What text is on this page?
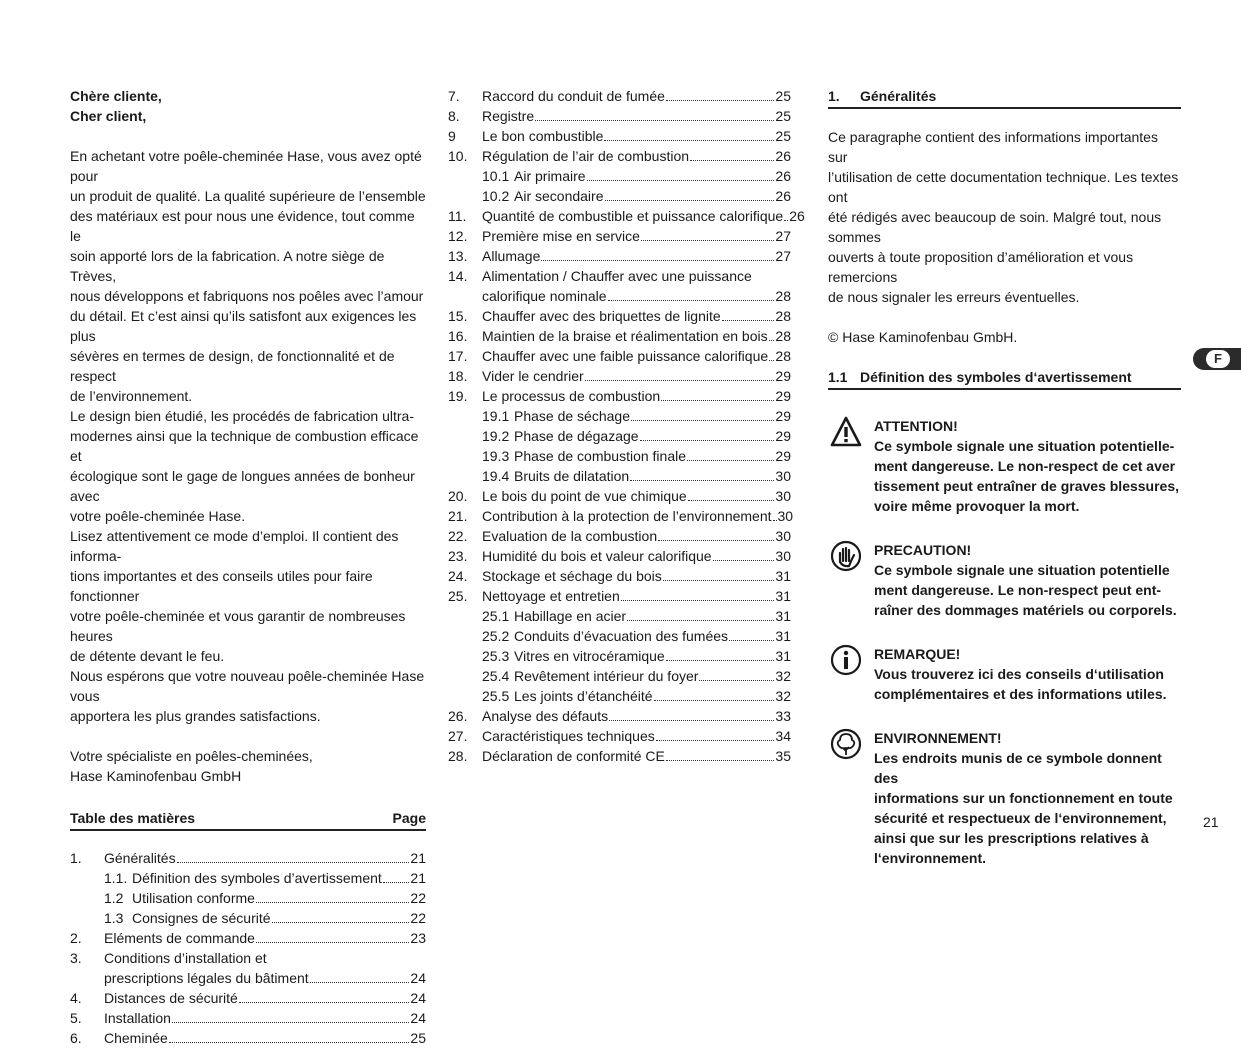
Chère cliente,
Cher client,

En achetant votre poêle-cheminée Hase, vous avez opté pour

un produit de qualité. La qualité supérieure de l’ensemble

des matériaux est pour nous une évidence, tout comme le

soin apporté lors de la fabrication. A notre siège de Trèves,

nous développons et fabriquons nos poêles avec l’amour

du détail. Et c’est ainsi qu’ils satisfont aux exigences les plus

sévères en termes de design, de fonctionnalité et de respect

de l’environnement.

Le design bien étudié, les procédés de fabrication ultra-

modernes ainsi que la technique de combustion efficace et

écologique sont le gage de longues années de bonheur avec

votre poêle-cheminée Hase.

Lisez attentivement ce mode d’emploi. Il contient des informa-

tions importantes et des conseils utiles pour faire fonctionner

votre poêle-cheminée et vous garantir de nombreuses heures

de détente devant le feu.

Nous espérons que votre nouveau poêle-cheminée Hase vous

apportera les plus grandes satisfactions.

Votre spécialiste en poêles-cheminées,

Hase Kaminofenbau GmbH

Table des matières	Page
1.	Généralités	21
1.1. Définition des symboles d’avertissement 21
1.2 Utilisation conforme	22
1.3 Consignes de sécurité	22
2.	Eléments de commande	23
3.	Conditions d’installation et
prescriptions légales du bâtiment	24
4.	Distances de sécurité	24
5.	Installation	24
6.	Cheminée	25
7.	Raccord du conduit de fumée	25
8.	Registre	25
9	Le bon combustible	25
10.	Régulation de l’air de combustion	26
10.1 Air primaire	26
10.2 Air secondaire	26
11.	Quantité de combustible et puissance calorifique 26
12.	Première mise en service	27
13.	Allumage	27
14.	Alimentation / Chauffer avec une puissance
calorifique nominale	28
15.	Chauffer avec des briquettes de lignite	28
16.	Maintien de la braise et réalimentation en bois 28
17.	Chauffer avec une faible puissance calorifique 28
18.	Vider le cendrier	29
19.	Le processus de combustion	29
19.1 Phase de séchage	29
19.2 Phase de dégazage	29
19.3 Phase de combustion finale	29
19.4 Bruits de dilatation	30
20.	Le bois du point de vue chimique	30
21.	Contribution à la protection de l’environnement 30
22.	Evaluation de la combustion	30
23.	Humidité du bois et valeur calorifique	30
24.	Stockage et séchage du bois	31
25.	Nettoyage et entretien	31
25.1 Habillage en acier	31
25.2 Conduits d’évacuation des fumées	31
25.3 Vitres en vitrocéramique	31
25.4 Revêtement intérieur du foyer	32
25.5 Les joints d’étanchéité	32
26.	Analyse des défauts	33
27.	Caractéristiques techniques	34
28.	Déclaration de conformité CE	35
1.	Généralités

Ce paragraphe contient des informations importantes sur

l’utilisation de cette documentation technique. Les textes ont

été rédigés avec beaucoup de soin. Malgré tout, nous sommes

ouverts à toute proposition d’amélioration et vous remercions

de nous signaler les erreurs éventuelles.

© Hase Kaminofenbau GmbH.
1.1 Définition des symboles d‘avertissement
ATTENTION!
Ce symbole signale une situation potentielle-
ment dangereuse. Le non-respect de cet aver
tissement peut entraîner de graves blessures,
voire même provoquer la mort.
PRECAUTION!
Ce symbole signale une situation potentielle
ment dangereuse. Le non-respect peut ent-
raîner des dommages matériels ou corporels.
REMARQUE!
Vous trouverez ici des conseils d‘utilisation
complémentaires et des informations utiles.
ENVIRONNEMENT!
Les endroits munis de ce symbole donnent des
informations sur un fonctionnement en toute
sécurité et respectueux de l‘environnement,
ainsi que sur les prescriptions relatives à
l‘environnement.
F
21
